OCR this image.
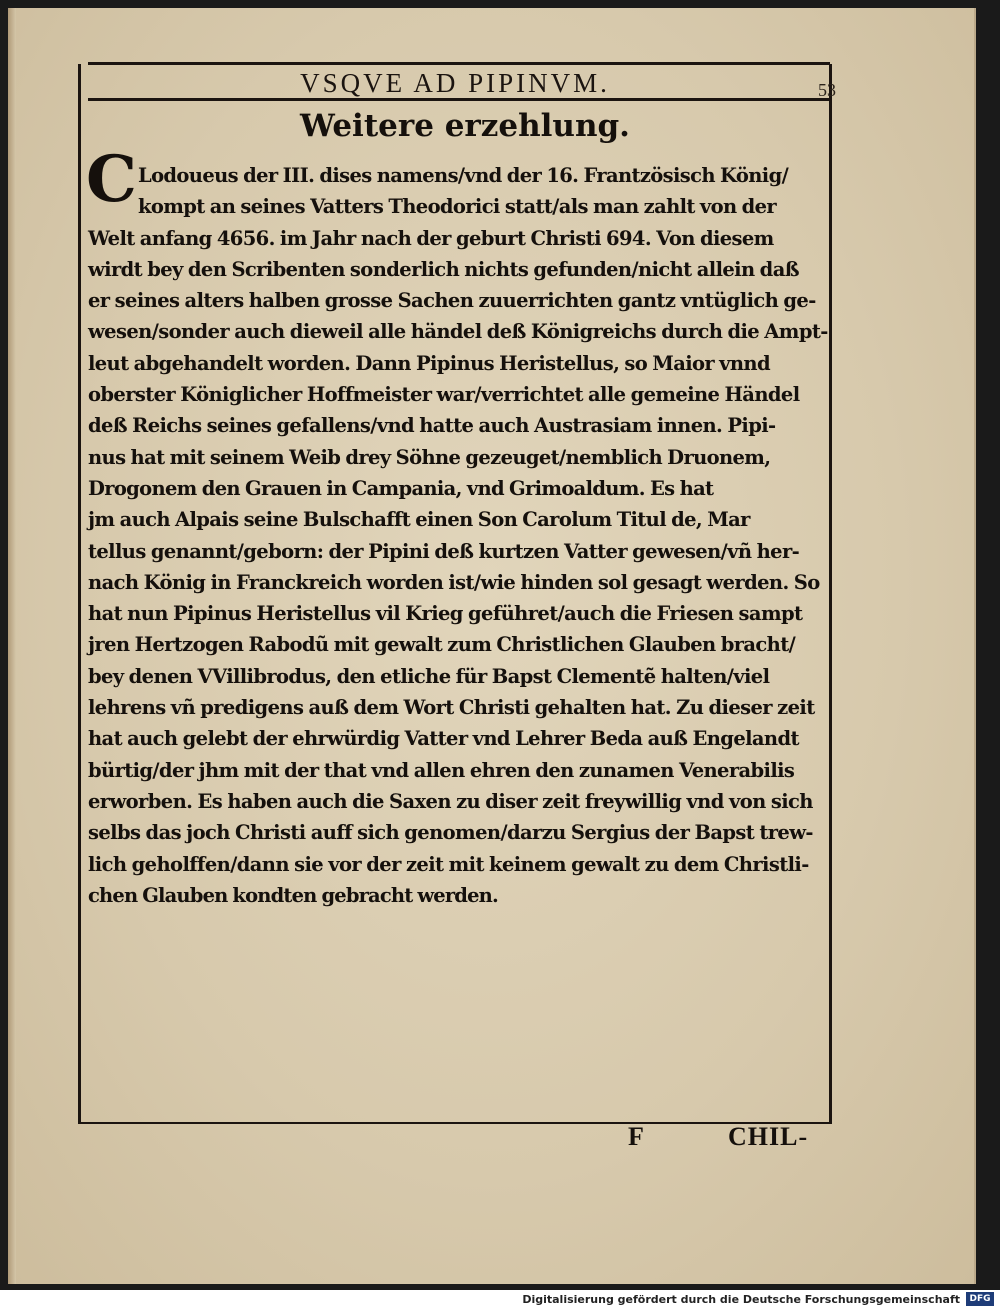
VSQVE AD PIPINVM.	53
Weitere erzehlung.
C Lodoueus der III. dises namens/vnd der 16. Frantzösisch König/
kompt an seines Vatters Theodorici statt/als man zahlt von der
Welt anfang 4656. im Jahr nach der geburt Christi 694. Von diesem
wirdt bey den Scribenten sonderlich nichts gefunden/nicht allein daß
er seines alters halben grosse Sachen zuuerrichten gantz vntüglich ge-
wesen/sonder auch dieweil alle händel deß Königreichs durch die Ampt-
leut abgehandelt worden. Dann Pipinus Heristellus, so Maior vnnd
oberster Königlicher Hoffmeister war/verrichtet alle gemeine Händel
deß Reichs seines gefallens/vnd hatte auch Austrasiam innen. Pipi-
nus hat mit seinem Weib drey Söhne gezeuget/nemblich Druonem,
Drogonem den Grauen in Campania, vnd Grimoaldum. Es hat
jm auch Alpais seine Bulschafft einen Son Carolum Titul de, Mar
tellus genannt/geborn: der Pipini deß kurtzen Vatter gewesen/vñ her-
nach König in Franckreich worden ist/wie hinden sol gesagt werden. So
hat nun Pipinus Heristellus vil Krieg geführet/auch die Friesen sampt
jren Hertzogen Rabodũ mit gewalt zum Christlichen Glauben bracht/
bey denen VVillibrodus, den etliche für Bapst Clementẽ halten/viel
lehrens vñ predigens auß dem Wort Christi gehalten hat. Zu dieser zeit
hat auch gelebt der ehrwürdig Vatter vnd Lehrer Beda auß Engelandt
bürtig/der jhm mit der that vnd allen ehren den zunamen Venerabilis
erworben. Es haben auch die Saxen zu diser zeit freywillig vnd von sich
selbs das joch Christi auff sich genomen/darzu Sergius der Bapst trew-
lich geholffen/dann sie vor der zeit mit keinem gewalt zu dem Christli-
chen Glauben kondten gebracht werden.
F	CHIL-
Digitalisierung gefördert durch die Deutsche Forschungsgemeinschaft	DFG
